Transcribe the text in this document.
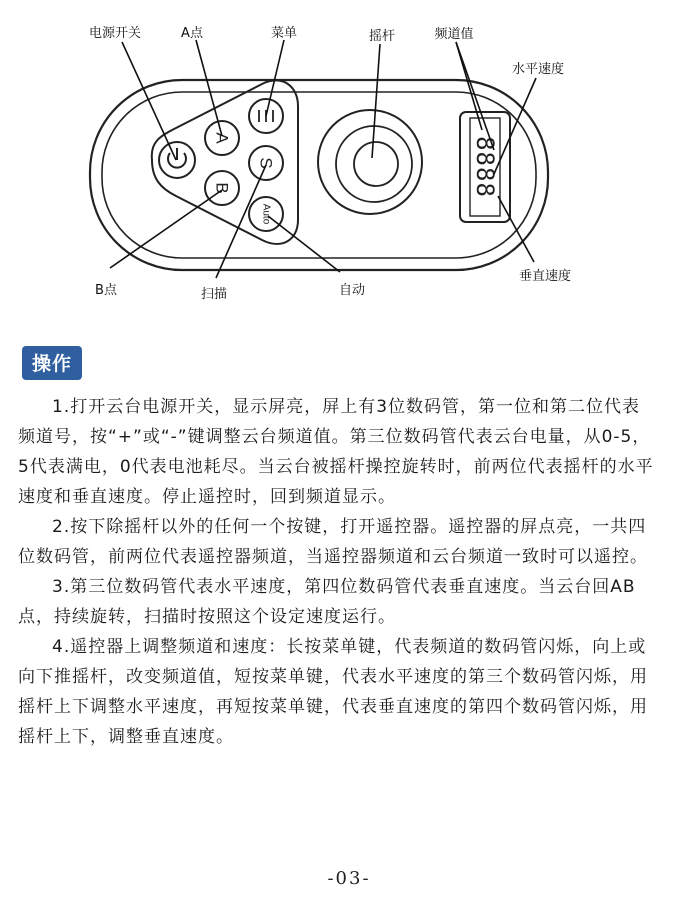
A
B
S
Auto
8888
电源开关	A点	菜单	摇杆	频道值
水平速度
垂直速度
B点	扫描	自动
操作

1.打开云台电源开关，显示屏亮，屏上有3位数码管，第一位和第二位代表频道号，按“+”或“-”键调整云台频道值。第三位数码管代表云台电量，从0-5，5代表满电，0代表电池耗尽。当云台被摇杆操控旋转时，前两位代表摇杆的水平速度和垂直速度。停止遥控时，回到频道显示。

2.按下除摇杆以外的任何一个按键，打开遥控器。遥控器的屏点亮，一共四位数码管，前两位代表遥控器频道，当遥控器频道和云台频道一致时可以遥控。

3.第三位数码管代表水平速度，第四位数码管代表垂直速度。当云台回AB点，持续旋转，扫描时按照这个设定速度运行。

4.遥控器上调整频道和速度：长按菜单键，代表频道的数码管闪烁，向上或向下推摇杆，改变频道值，短按菜单键，代表水平速度的第三个数码管闪烁，用摇杆上下调整水平速度，再短按菜单键，代表垂直速度的第四个数码管闪烁，用摇杆上下，调整垂直速度。

-03-
